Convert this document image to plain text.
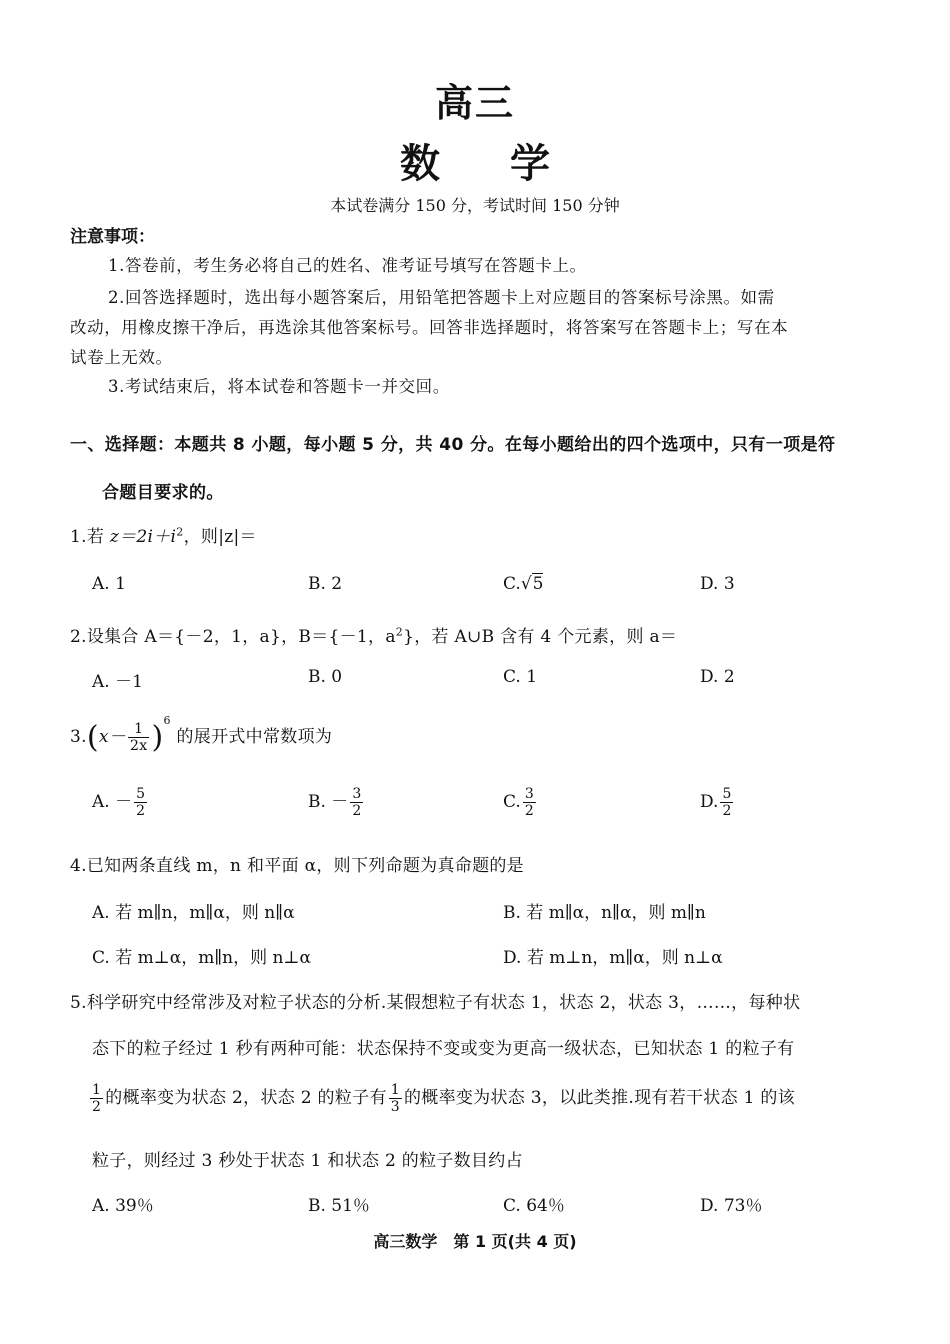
高三
数 学
本试卷满分 150 分，考试时间 150 分钟
注意事项：
1.答卷前，考生务必将自己的姓名、准考证号填写在答题卡上。
2.回答选择题时，选出每小题答案后，用铅笔把答题卡上对应题目的答案标号涂黑。如需
改动，用橡皮擦干净后，再选涂其他答案标号。回答非选择题时，将答案写在答题卡上；写在本
试卷上无效。
3.考试结束后，将本试卷和答题卡一并交回。
一、选择题：本题共 8 小题，每小题 5 分，共 40 分。在每小题给出的四个选项中，只有一项是符
合题目要求的。
1.若 $z=2i+i^2$，则|z|＝
A. 1	B. 2	C.√5	D. 3
2.设集合 A＝{－2，1，a}，B＝{－1，$a^2$}，若 A∪B 含有 4 个元素，则 a＝
A. －1	B. 0	C. 1	D. 2
$3.(x- \frac{1}{2x} )^6$ 的展开式中常数项为
A. － $\frac{5}{2}$	B. － $\frac{3}{2}$	C. $\frac{3}{2}$	D. $\frac{5}{2}$
4.已知两条直线 m，n 和平面 α，则下列命题为真命题的是
A. 若 m∥n，m∥α，则 n∥α	B. 若 m∥α，n∥α，则 m∥n
C. 若 m⊥α，m∥n，则 n⊥α	D. 若 m⊥n，m∥α，则 n⊥α
5.科学研究中经常涉及对粒子状态的分析.某假想粒子有状态 1，状态 2，状态 3，……，每种状
态下的粒子经过 1 秒有两种可能：状态保持不变或变为更高一级状态，已知状态 1 的粒子有
$\frac{1}{2}$ 的概率变为状态 2，状态 2 的粒子有 $\frac{1}{3}$ 的概率变为状态 3，以此类推.现有若干状态 1 的该
粒子，则经过 3 秒处于状态 1 和状态 2 的粒子数目约占
A. 39％	B. 51％	C. 64％	D. 73％
高三数学　第 1 页(共 4 页)
